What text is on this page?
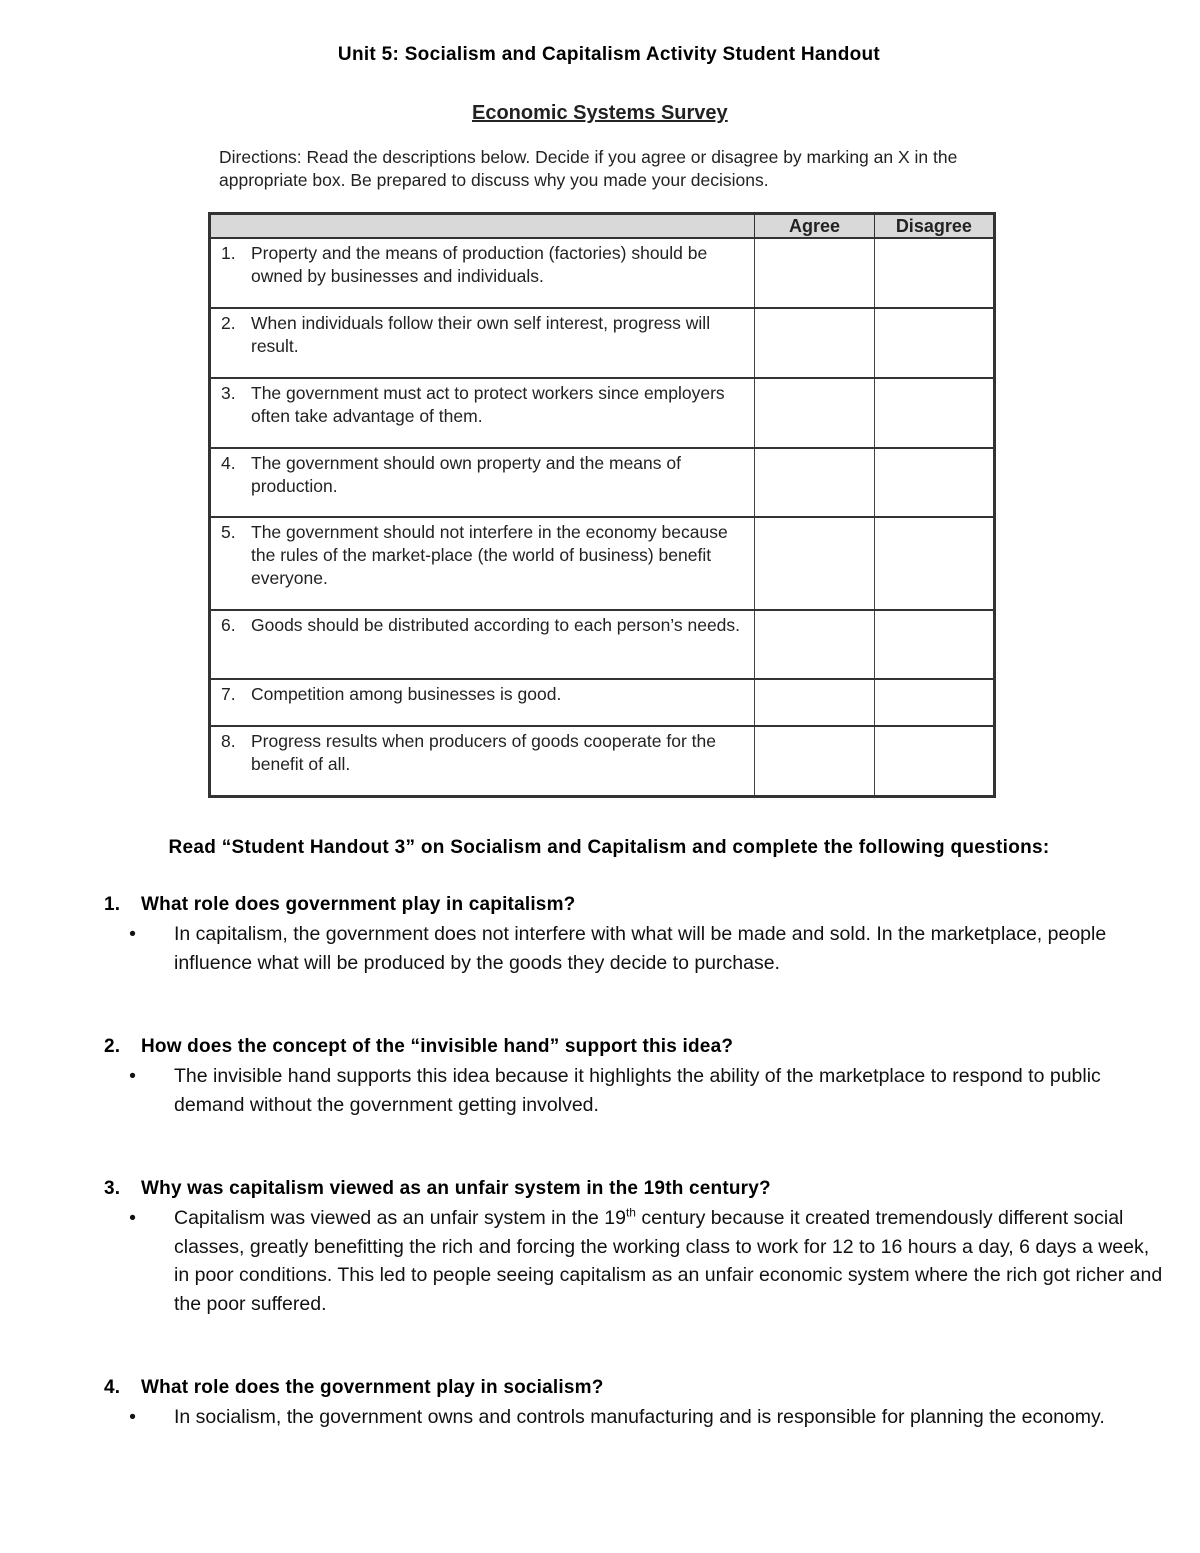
Unit 5: Socialism and Capitalism Activity Student Handout
Economic Systems Survey
Directions: Read the descriptions below. Decide if you agree or disagree by marking an X in the appropriate box. Be prepared to discuss why you made your decisions.
	Agree	Disagree

1. Property and the means of production (factories) should be owned by businesses and individuals.		

2. When individuals follow their own self interest, progress will result.		

3. The government must act to protect workers since employers often take advantage of them.		

4. The government should own property and the means of production.		

5. The government should not interfere in the economy because the rules of the market-place (the world of business) benefit everyone.		

6. Goods should be distributed according to each person’s needs.		

7. Competition among businesses is good.		

8. Progress results when producers of goods cooperate for the benefit of all.		

Read “Student Handout 3” on Socialism and Capitalism and complete the following questions:
1.	What role does government play in capitalism?
•	In capitalism, the government does not interfere with what will be made and sold. In the marketplace, people influence what will be produced by the goods they decide to purchase.
2.	How does the concept of the “invisible hand” support this idea?
•	The invisible hand supports this idea because it highlights the ability of the marketplace to respond to public demand without the government getting involved.
3.	Why was capitalism viewed as an unfair system in the 19th century?
•	Capitalism was viewed as an unfair system in the 19th century because it created tremendously different social classes, greatly benefitting the rich and forcing the working class to work for 12 to 16 hours a day, 6 days a week, in poor conditions. This led to people seeing capitalism as an unfair economic system where the rich got richer and the poor suffered.
4.	What role does the government play in socialism?
•	In socialism, the government owns and controls manufacturing and is responsible for planning the economy.
